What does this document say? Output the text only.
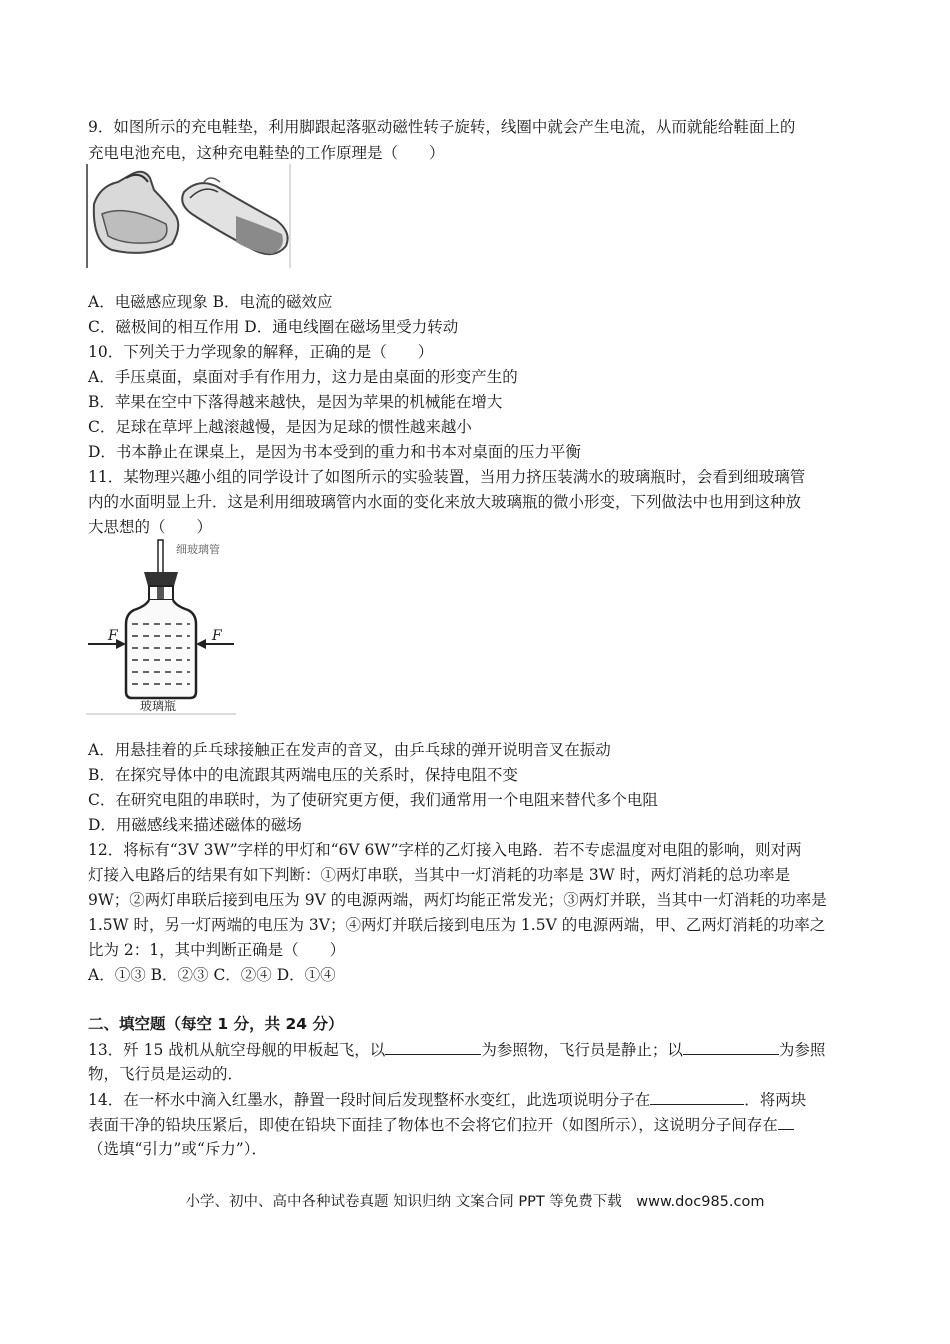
9．如图所示的充电鞋垫，利用脚跟起落驱动磁性转子旋转，线圈中就会产生电流，从而就能给鞋面上的
充电电池充电，这种充电鞋垫的工作原理是（　　）
A．电磁感应现象 B．电流的磁效应
C．磁极间的相互作用 D．通电线圈在磁场里受力转动
10．下列关于力学现象的解释，正确的是（　　）
A．手压桌面，桌面对手有作用力，这力是由桌面的形变产生的
B．苹果在空中下落得越来越快，是因为苹果的机械能在增大
C．足球在草坪上越滚越慢，是因为足球的惯性越来越小
D．书本静止在课桌上，是因为书本受到的重力和书本对桌面的压力平衡
11．某物理兴趣小组的同学设计了如图所示的实验装置，当用力挤压装满水的玻璃瓶时，会看到细玻璃管
内的水面明显上升．这是利用细玻璃管内水面的变化来放大玻璃瓶的微小形变，下列做法中也用到这种放
大思想的（　　）
细玻璃管
F	F
玻璃瓶
A．用悬挂着的乒乓球接触正在发声的音叉，由乒乓球的弹开说明音叉在振动
B．在探究导体中的电流跟其两端电压的关系时，保持电阻不变
C．在研究电阻的串联时，为了使研究更方便，我们通常用一个电阻来替代多个电阻
D．用磁感线来描述磁体的磁场
12．将标有“3V 3W”字样的甲灯和“6V 6W”字样的乙灯接入电路．若不专虑温度对电阻的影响，则对两
灯接入电路后的结果有如下判断：①两灯串联，当其中一灯消耗的功率是 3W 时，两灯消耗的总功率是
9W；②两灯串联后接到电压为 9V 的电源两端，两灯均能正常发光；③两灯并联，当其中一灯消耗的功率是
1.5W 时，另一灯两端的电压为 3V；④两灯并联后接到电压为 1.5V 的电源两端，甲、乙两灯消耗的功率之
比为 2：1，其中判断正确是（　　）
A．①③ B．②③ C．②④ D．①④
二、填空题（每空 1 分，共 24 分）
13．歼 15 战机从航空母舰的甲板起飞，以	为参照物，飞行员是静止；以	为参照
物，飞行员是运动的．
14．在一杯水中滴入红墨水，静置一段时间后发现整杯水变红，此选项说明分子在	．将两块
表面干净的铅块压紧后，即使在铅块下面挂了物体也不会将它们拉开（如图所示），这说明分子间存在
（选填“引力”或“斥力”）．
小学、初中、高中各种试卷真题 知识归纳 文案合同 PPT 等免费下载　www.doc985.com
